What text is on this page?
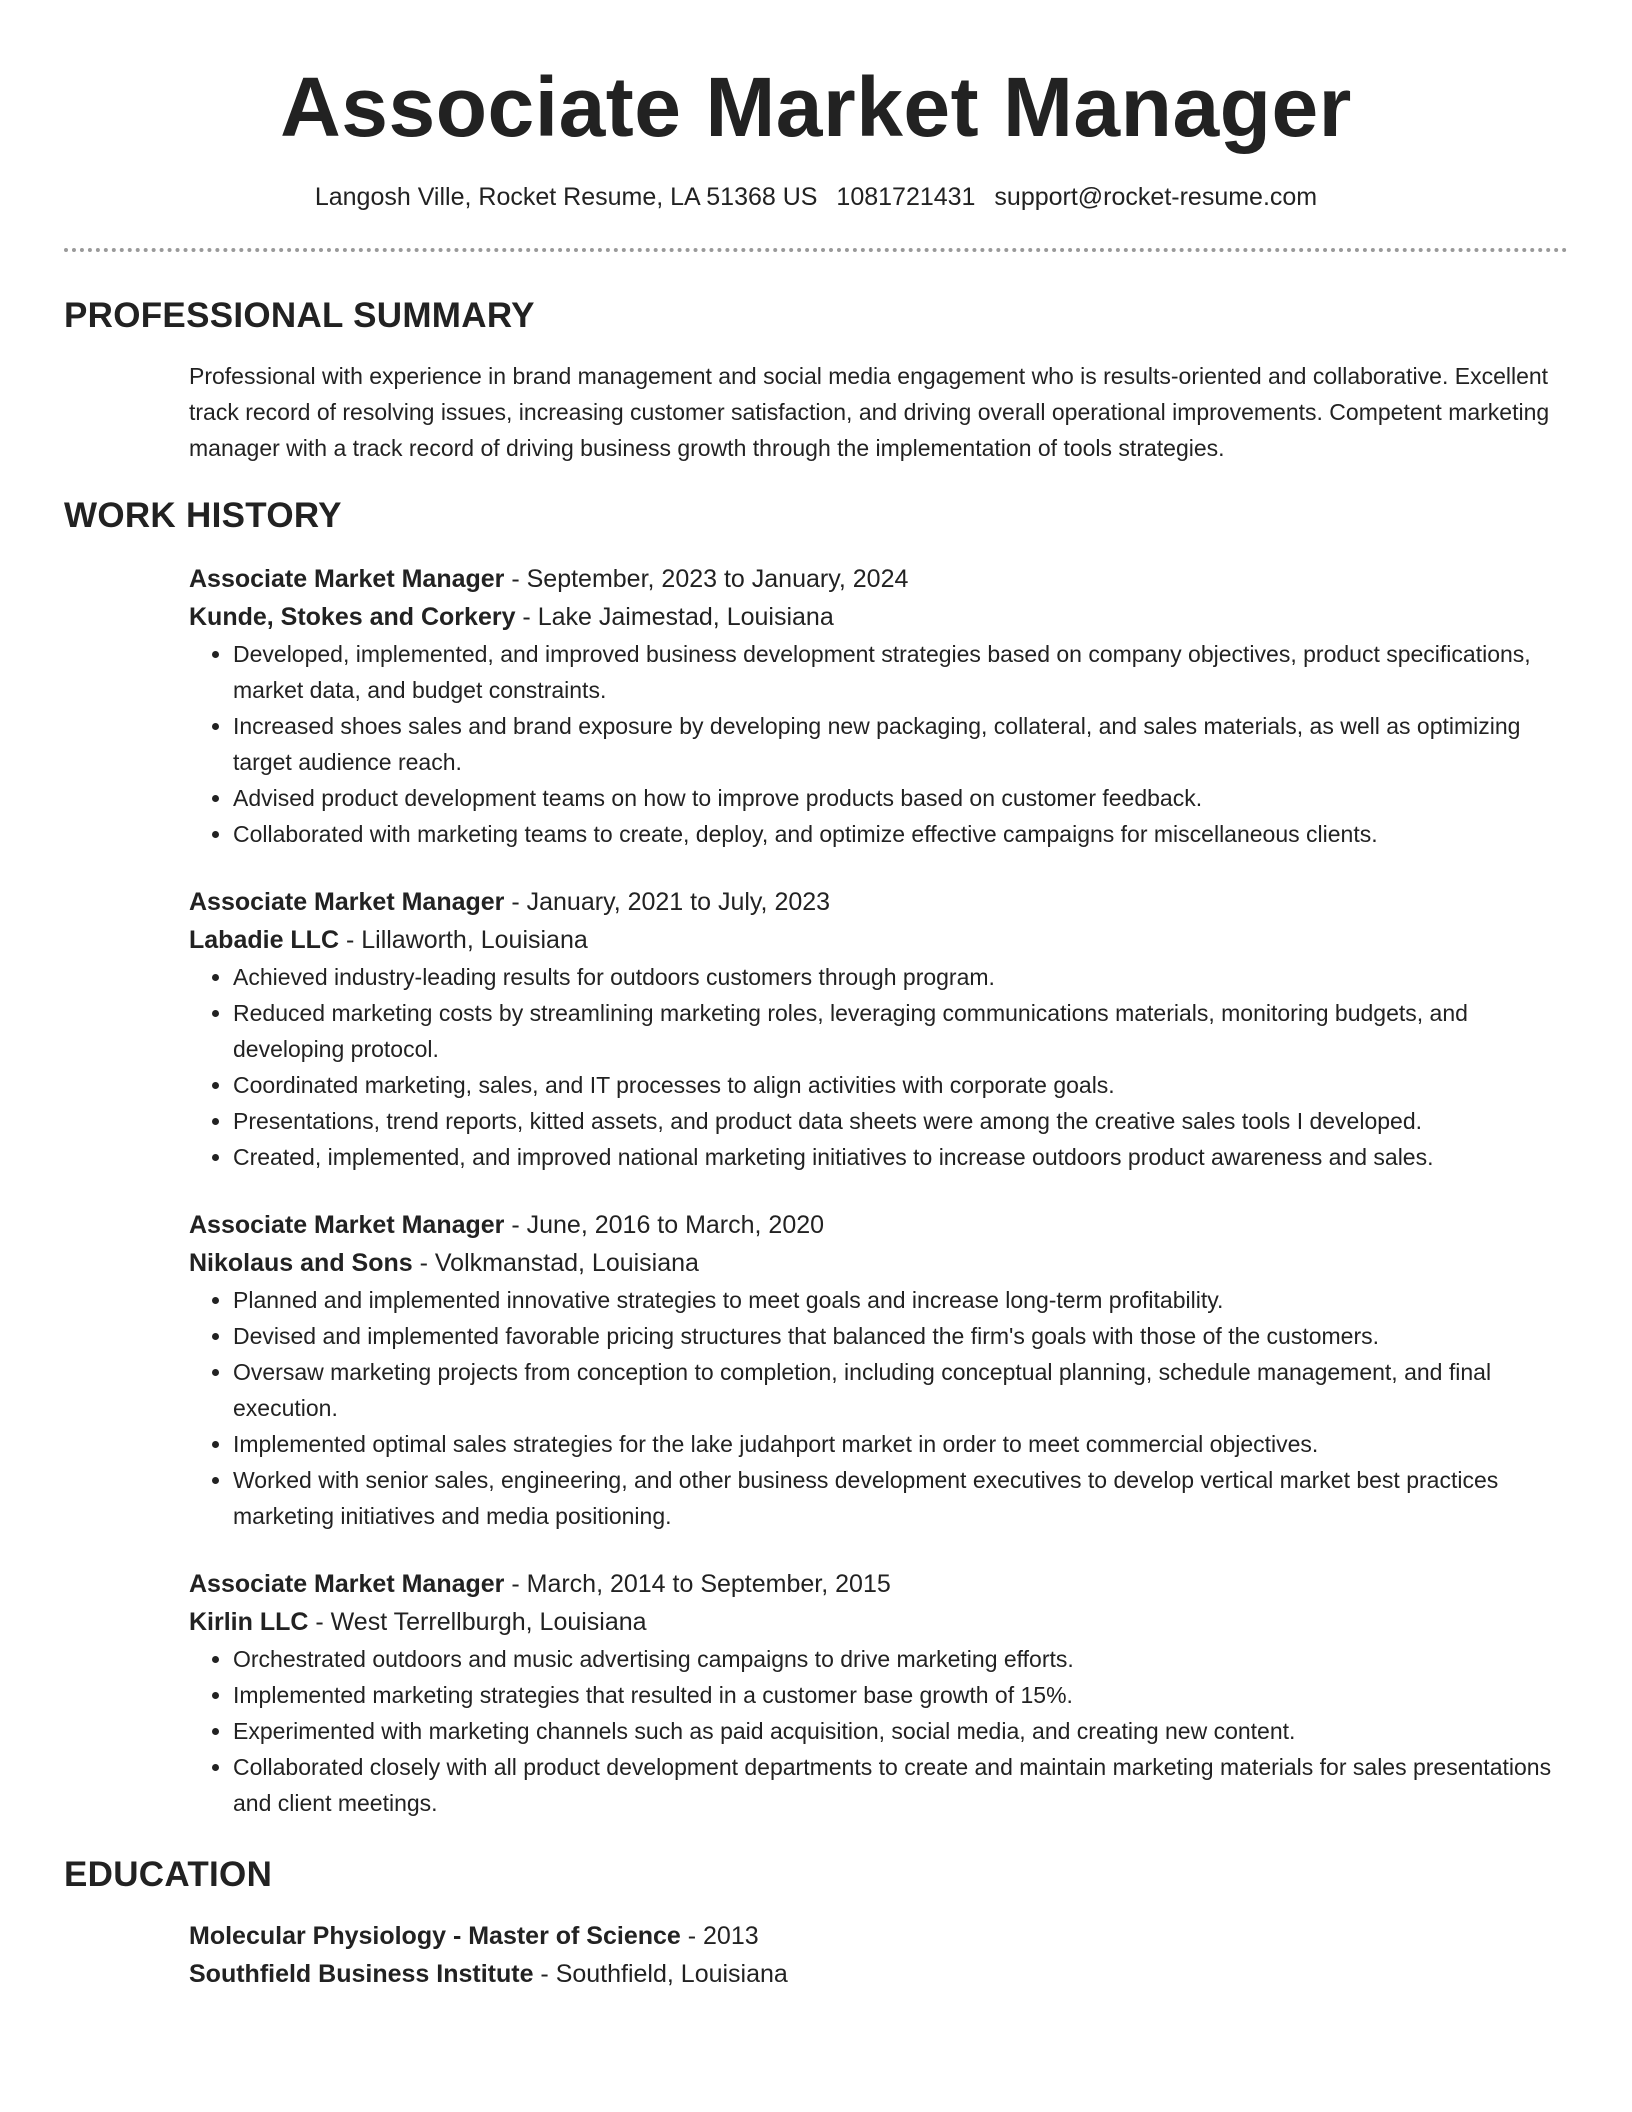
Associate Market Manager
Langosh Ville, Rocket Resume, LA 51368 US 1081721431 support@rocket-resume.com
PROFESSIONAL SUMMARY

Professional with experience in brand management and social media engagement who is results-oriented and collaborative. Excellent track record of resolving issues, increasing customer satisfaction, and driving overall operational improvements. Competent marketing manager with a track record of driving business growth through the implementation of tools strategies.

WORK HISTORY

Associate Market Manager - September, 2023 to January, 2024

Kunde, Stokes and Corkery - Lake Jaimestad, Louisiana

• Developed, implemented, and improved business development strategies based on company objectives, product specifications, market data, and budget constraints.
• Increased shoes sales and brand exposure by developing new packaging, collateral, and sales materials, as well as optimizing target audience reach.
• Advised product development teams on how to improve products based on customer feedback.
• Collaborated with marketing teams to create, deploy, and optimize effective campaigns for miscellaneous clients.

Associate Market Manager - January, 2021 to July, 2023

Labadie LLC - Lillaworth, Louisiana

• Achieved industry-leading results for outdoors customers through program.
• Reduced marketing costs by streamlining marketing roles, leveraging communications materials, monitoring budgets, and developing protocol.
• Coordinated marketing, sales, and IT processes to align activities with corporate goals.
• Presentations, trend reports, kitted assets, and product data sheets were among the creative sales tools I developed.
• Created, implemented, and improved national marketing initiatives to increase outdoors product awareness and sales.

Associate Market Manager - June, 2016 to March, 2020

Nikolaus and Sons - Volkmanstad, Louisiana

• Planned and implemented innovative strategies to meet goals and increase long-term profitability.
• Devised and implemented favorable pricing structures that balanced the firm's goals with those of the customers.
• Oversaw marketing projects from conception to completion, including conceptual planning, schedule management, and final execution.
• Implemented optimal sales strategies for the lake judahport market in order to meet commercial objectives.
• Worked with senior sales, engineering, and other business development executives to develop vertical market best practices marketing initiatives and media positioning.

Associate Market Manager - March, 2014 to September, 2015

Kirlin LLC - West Terrellburgh, Louisiana

• Orchestrated outdoors and music advertising campaigns to drive marketing efforts.
• Implemented marketing strategies that resulted in a customer base growth of 15%.
• Experimented with marketing channels such as paid acquisition, social media, and creating new content.
• Collaborated closely with all product development departments to create and maintain marketing materials for sales presentations and client meetings.
EDUCATION

Molecular Physiology - Master of Science - 2013

Southfield Business Institute - Southfield, Louisiana
